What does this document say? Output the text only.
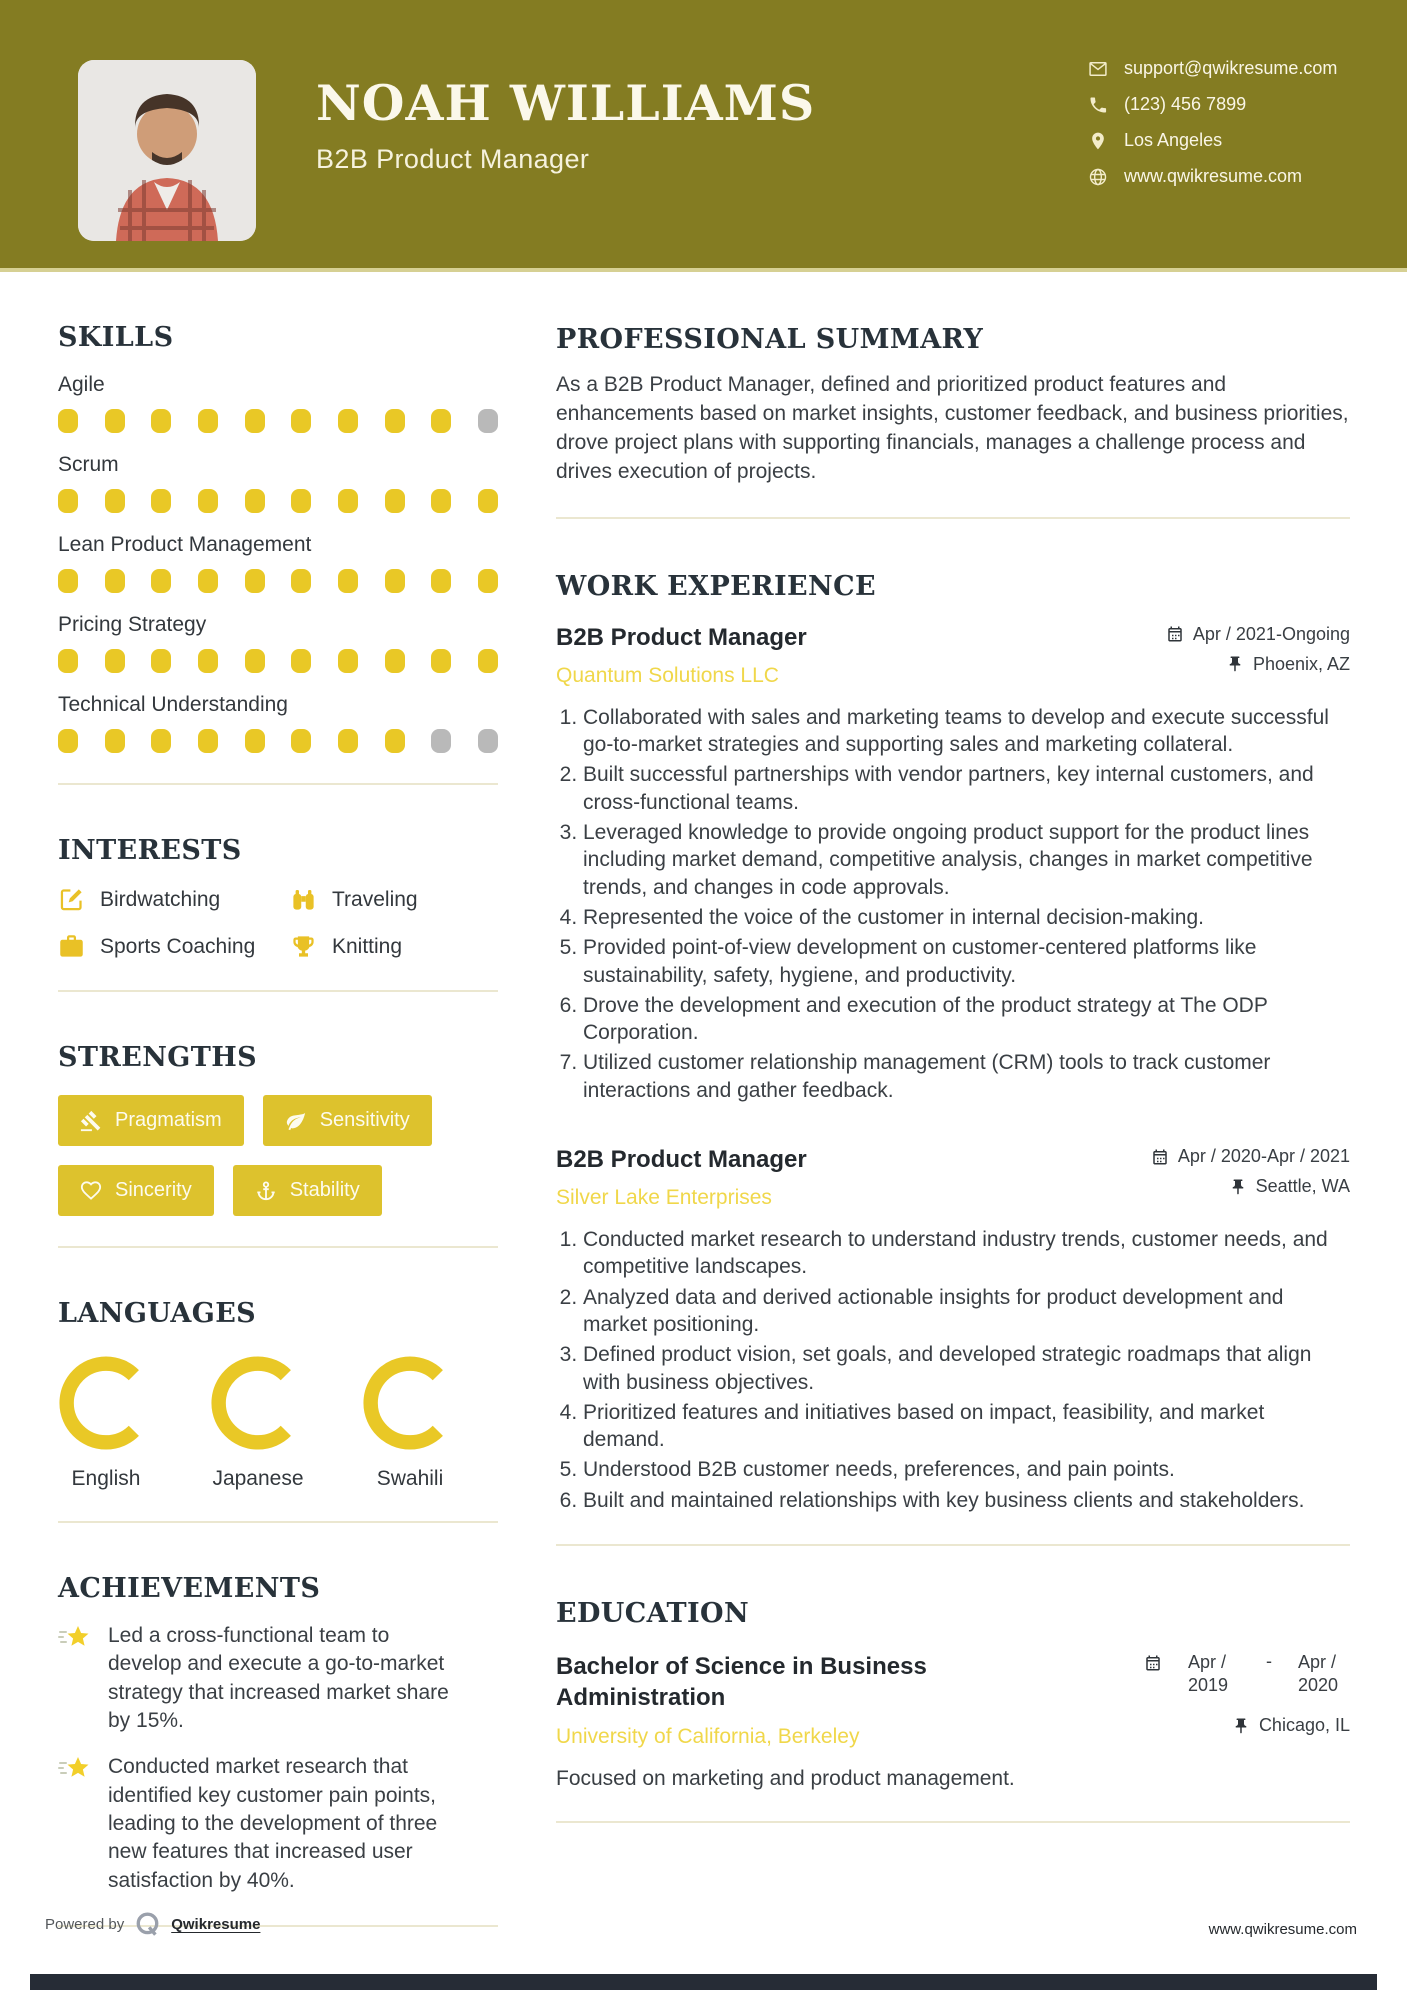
NOAH WILLIAMS
B2B Product Manager
support@qwikresume.com
(123) 456 7899
Los Angeles
www.qwikresume.com
SKILLS
Agile
Scrum
Lean Product Management
Pricing Strategy
Technical Understanding
INTERESTS
Birdwatching	Traveling
Sports Coaching	Knitting
STRENGTHS
Pragmatism	Sensitivity
Sincerity	Stability
LANGUAGES
English	Japanese	Swahili
ACHIEVEMENTS

Led a cross-functional team to develop and execute a go-to-market strategy that increased market share by 15%.

Conducted market research that identified key customer pain points, leading to the development of three new features that increased user satisfaction by 40%.

PROFESSIONAL SUMMARY

As a B2B Product Manager, defined and prioritized product features and enhancements based on market insights, customer feedback, and business priorities, drove project plans with supporting financials, manages a challenge process and drives execution of projects.

WORK EXPERIENCE
B2B Product Manager	Apr / 2021-Ongoing
Quantum Solutions LLC	Phoenix, AZ
1. Collaborated with sales and marketing teams to develop and execute successful go-to-market strategies and supporting sales and marketing collateral.
2. Built successful partnerships with vendor partners, key internal customers, and cross-functional teams.
3. Leveraged knowledge to provide ongoing product support for the product lines including market demand, competitive analysis, changes in market competitive trends, and changes in code approvals.
4. Represented the voice of the customer in internal decision-making.
5. Provided point-of-view development on customer-centered platforms like sustainability, safety, hygiene, and productivity.
6. Drove the development and execution of the product strategy at The ODP Corporation.
7. Utilized customer relationship management (CRM) tools to track customer interactions and gather feedback.
B2B Product Manager	Apr / 2020-Apr / 2021
Silver Lake Enterprises	Seattle, WA
1. Conducted market research to understand industry trends, customer needs, and competitive landscapes.
2. Analyzed data and derived actionable insights for product development and market positioning.
3. Defined product vision, set goals, and developed strategic roadmaps that align with business objectives.
4. Prioritized features and initiatives based on impact, feasibility, and market demand.
5. Understood B2B customer needs, preferences, and pain points.
6. Built and maintained relationships with key business clients and stakeholders.
EDUCATION
Bachelor of Science in Business Administration
Apr / 2019
- Apr / 2020
University of California, Berkeley	Chicago, IL

Focused on marketing and product management.

Powered by	Qwikresume	www.qwikresume.com
